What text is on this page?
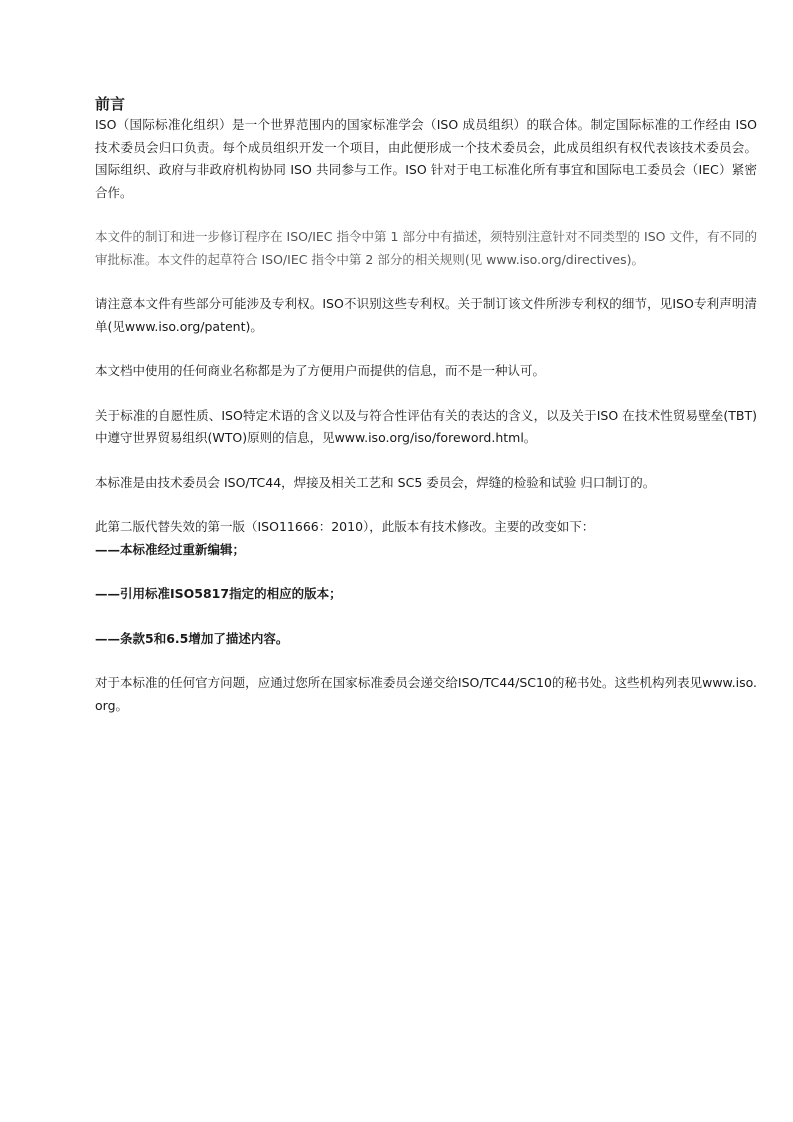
前言

ISO（国际标准化组织）是一个世界范围内的国家标准学会（ISO 成员组织）的联合体。制定国际标准的工作经由 ISO 技术委员会归口负责。每个成员组织开发一个项目，由此便形成一个技术委员会，此成员组织有权代表该技术委员会。国际组织、政府与非政府机构协同 ISO 共同参与工作。ISO 针对于电工标准化所有事宜和国际电工委员会（IEC）紧密合作。

本文件的制订和进一步修订程序在 ISO/IEC 指令中第 1 部分中有描述，须特别注意针对不同类型的 ISO 文件，有不同的审批标准。本文件的起草符合 ISO/IEC 指令中第 2 部分的相关规则(见 www.iso.org/directives)。

请注意本文件有些部分可能涉及专利权。ISO不识别这些专利权。关于制订该文件所涉专利权的细节，见ISO专利声明清单(见www.iso.org/patent)。

本文档中使用的任何商业名称都是为了方便用户而提供的信息，而不是一种认可。

关于标准的自愿性质、ISO特定术语的含义以及与符合性评估有关的表达的含义，以及关于ISO 在技术性贸易壁垒(TBT)中遵守世界贸易组织(WTO)原则的信息，见www.iso.org/iso/foreword.html。

本标准是由技术委员会 ISO/TC44，焊接及相关工艺和 SC5 委员会，焊缝的检验和试验 归口制订的。

此第二版代替失效的第一版（ISO11666：2010），此版本有技术修改。主要的改变如下：

——本标准经过重新编辑；

——引用标准ISO5817指定的相应的版本；

——条款5和6.5增加了描述内容。

对于本标准的任何官方问题，应通过您所在国家标准委员会递交给ISO/TC44/SC10的秘书处。这些机构列表见www.iso.org。
